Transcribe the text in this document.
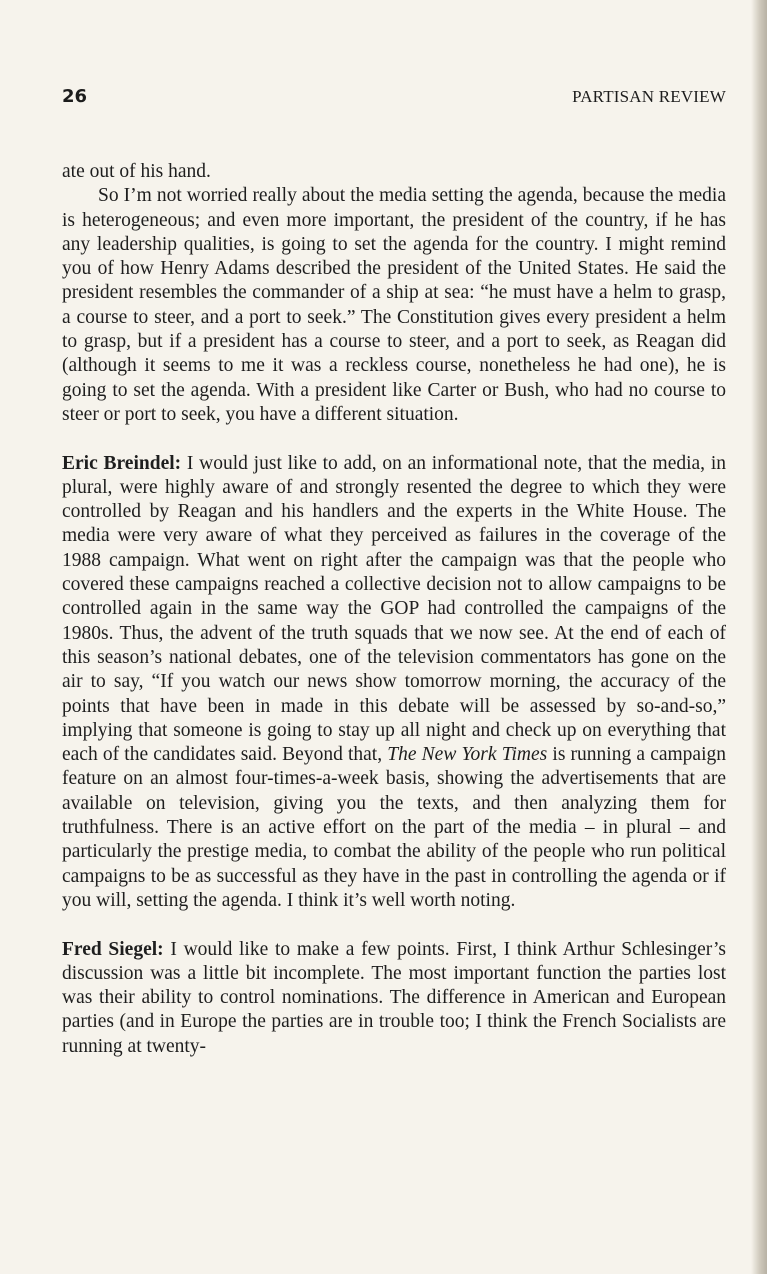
26	PARTISAN REVIEW

ate out of his hand.

So I’m not worried really about the media setting the agenda, because the media is heterogeneous; and even more important, the president of the country, if he has any leadership qualities, is going to set the agenda for the country. I might remind you of how Henry Adams described the president of the United States. He said the president resembles the commander of a ship at sea: “he must have a helm to grasp, a course to steer, and a port to seek.” The Constitution gives every president a helm to grasp, but if a president has a course to steer, and a port to seek, as Reagan did (although it seems to me it was a reckless course, nonetheless he had one), he is going to set the agenda. With a president like Carter or Bush, who had no course to steer or port to seek, you have a different situation.

Eric Breindel: I would just like to add, on an informational note, that the media, in plural, were highly aware of and strongly resented the degree to which they were controlled by Reagan and his handlers and the experts in the White House. The media were very aware of what they perceived as failures in the coverage of the 1988 campaign. What went on right after the campaign was that the people who covered these campaigns reached a collective decision not to allow campaigns to be controlled again in the same way the GOP had controlled the campaigns of the 1980s. Thus, the advent of the truth squads that we now see. At the end of each of this season’s national debates, one of the television commentators has gone on the air to say, “If you watch our news show tomorrow morning, the accuracy of the points that have been in made in this debate will be assessed by so-and-so,” implying that someone is going to stay up all night and check up on everything that each of the candidates said. Beyond that, The New York Times is running a campaign feature on an almost four-times-a-week basis, showing the advertisements that are available on television, giving you the texts, and then analyzing them for truthfulness. There is an active effort on the part of the media – in plural – and particularly the prestige media, to combat the ability of the people who run political campaigns to be as successful as they have in the past in controlling the agenda or if you will, setting the agenda. I think it’s well worth noting.

Fred Siegel: I would like to make a few points. First, I think Arthur Schlesinger’s discussion was a little bit incomplete. The most important function the parties lost was their ability to control nominations. The difference in American and European parties (and in Europe the parties are in trouble too; I think the French Socialists are running at twenty-
